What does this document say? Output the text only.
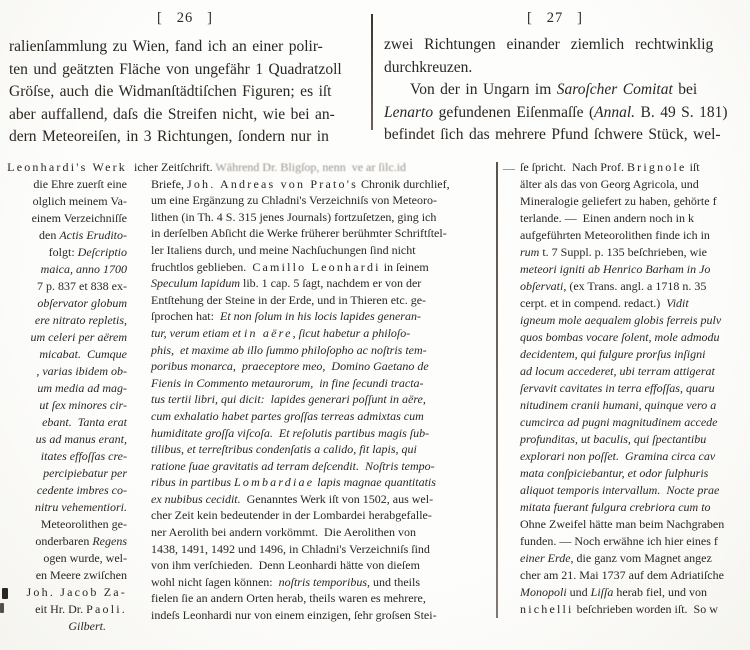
[   26   ]	[   27   ]
ralienſammlung zu Wien, fand ich an einer polir-
ten und geätzten Fläche von ungefähr 1 Quadratzoll
Gröſse, auch die Widmanſtädtiſchen Figuren; es iſt
aber auffallend, daſs die Streifen nicht, wie bei an-
dern Meteoreiſen, in 3 Richtungen, ſondern nur in
zwei Richtungen einander ziemlich rechtwinklig
durchkreuzen.
Von der in Ungarn im Saroſcher Comitat bei
Lenarto gefundenen Eiſenmaſſe (Annal. B. 49 S. 181)
befindet ſich das mehrere Pfund ſchwere Stück, wel-
Leonhardi's Werk
die Ehre zuerſt eine
olglich meinem Va-
einem Verzeichniſſe
den Actis Erudito-
folgt: Deſcriptio
maica, anno 1700
7 p. 837 et 838 ex-
obſervator globum
ere nitrato repletis,
um celeri per aërem
micabat.  Cumque
, varias ibidem ob-
um media ad mag-
ut ſex minores cir-
ebant.  Tanta erat
us ad manus erant,
itates effoſſas cre-
percipiebatur per
cedente imbres co-
nitru vehementiori.
Meteorolithen ge-
onderbaren Regens
ogen wurde, wel-
en Meere zwiſchen
Joh. Jacob Za-
eit Hr. Dr. Paoli.
Gilbert.
icher Zeitſchrift. Während Dr. Bligſop, nenn  ve ar ſilc.id
Briefe, Joh. Andreas von Prato's Chronik durchlief,
um eine Ergänzung zu Chladni's Verzeichniſs von Meteoro-
lithen (in Th. 4 S. 315 jenes Journals) fortzuſetzen, ging ich
in derſelben Abſicht die Werke früherer berühmter Schriftſtel-
ler Italiens durch, und meine Nachſuchungen ſind nicht
fruchtlos geblieben.  Camillo Leonhardi in ſeinem
Speculum lapidum lib. 1 cap. 5 ſagt, nachdem er von der
Entſtehung der Steine in der Erde, und in Thieren etc. ge-
ſprochen hat:  Et non ſolum in his locis lapides generan-
tur, verum etiam et in aëre, ſicut habetur a philoſo-
phis,  et maxime ab illo ſummo philoſopho ac noſtris tem-
poribus monarca,  praeceptore meo,  Domino Gaetano de
Fienis in Commento metaurorum,  in fine ſecundi tracta-
tus tertii libri, qui dicit:  lapides generari poſſunt in aëre,
cum exhalatio habet partes groſſas terreas admixtas cum
humiditate groſſa viſcoſa.  Et reſolutis partibus magis ſub-
tilibus, et terreſtribus condenſatis a calido, fit lapis, qui
ratione ſuae gravitatis ad terram deſcendit.  Noſtris tempo-
ribus in partibus Lombardiae lapis magnae quantitatis
ex nubibus cecidit.  Genanntes Werk iſt von 1502, aus wel-
cher Zeit kein bedeutender in der Lombardei herabgefalle-
ner Aerolith bei andern vorkömmt.  Die Aerolithen von
1438, 1491, 1492 und 1496, in Chladni's Verzeichniſs ſind
von ihm verſchieden.  Denn Leonhardi hätte von dieſem
wohl nicht ſagen können:  noſtris temporibus, und theils
fielen ſie an andern Orten herab, theils waren es mehrere,
indeſs Leonhardi nur von einem einzigen, ſehr groſsen Stei-
— ſe ſpricht.  Nach Prof. Brignole iſt
älter als das von Georg Agricola, und
Mineralogie geliefert zu haben, gehörte f
terlande. —  Einen andern noch in k
aufgeführten Meteorolithen finde ich in
rum t. 7 Suppl. p. 135 beſchrieben, wie
meteori igniti ab Henrico Barham in Jo
obſervati, (ex Trans. angl. a 1718 n. 35
cerpt. et in compend. redact.)  Vidit
igneum mole aequalem globis ferreis pulv
quos bombas vocare ſolent, mole admodu
decidentem, qui fulgure prorſus inſigni
ad locum accederet, ubi terram attigerat
ſervavit cavitates in terra effoſſas, quaru
nitudinem cranii humani, quinque vero a
cumcirca ad pugni magnitudinem accede
profunditas, ut baculis, qui ſpectantibu
explorari non poſſet.  Gramina circa cav
mata conſpiciebantur, et odor ſulphuris
aliquot temporis intervallum.  Nocte prae
mitata fuerant fulgura crebriora cum to
Ohne Zweifel hätte man beim Nachgraben
funden. — Noch erwähne ich hier eines f
einer Erde, die ganz vom Magnet angez
cher am 21. Mai 1737 auf dem Adriatiſche
Monopoli und Liſſa herab fiel, und von
nichelli beſchrieben worden iſt.  So w
